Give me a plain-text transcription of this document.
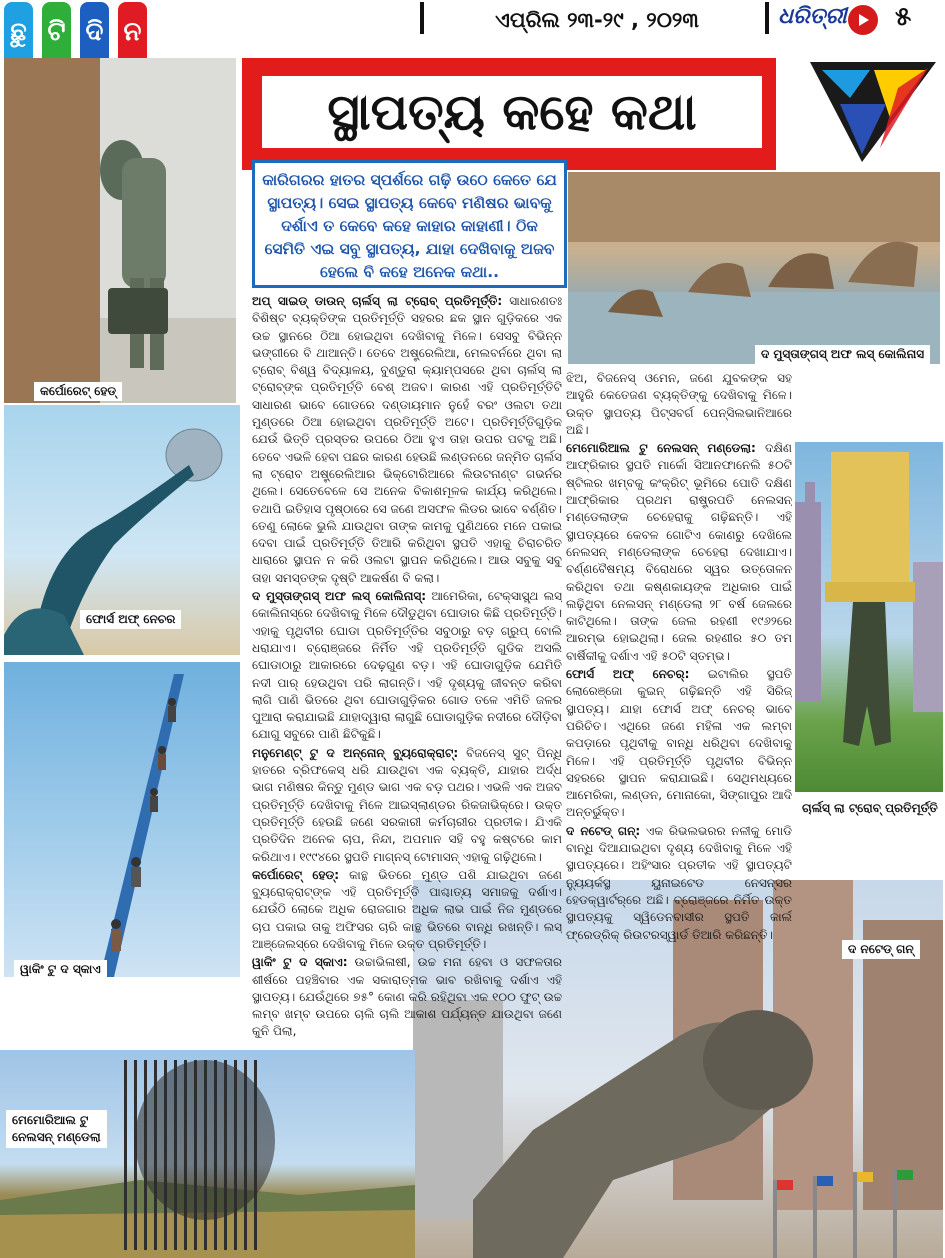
ଛୁ ଟି ଦି ନ	ଏପ୍ରିଲ ୨୩-୨୯ , ୨୦୨୩	ଧରିତ୍ରୀ ୫
ସ୍ଥାପତ୍ୟ କହେ କଥା
କାରିଗରର ହାତର ସ୍ପର୍ଶରେ ଗଢ଼ି ଉଠେ କେତେ ଯେ ସ୍ଥାପତ୍ୟ। ସେଇ ସ୍ଥାପତ୍ୟ କେବେ ମଣିଷର ଭାବକୁ ଦର୍ଶାଏ ତ କେବେ କହେ କାହାର କାହାଣୀ। ଠିକ ସେମିତି ଏଇ ସବୁ ସ୍ଥାପତ୍ୟ, ଯାହା ଦେଖିବାକୁ ଅଜବ ହେଲେ ବି କହେ ଅନେକ କଥା..
କର୍ପୋରେଟ୍ ହେଡ୍
ଫୋର୍ସ ଅଫ୍ ନେଚର
ୱାକିଂ ଟୁ ଦ ସ୍କାଏ
ଦ ମୁସ୍ତାଙ୍ଗସ୍ ଅଫ ଲସ୍ କୋଲିନାସ
ଚାର୍ଲସ୍ ଲା ଟ୍ରୋବ୍ ପ୍ରତିମୂର୍ତ୍ତି
ଦ ନଟେଡ୍ ଗନ୍
ମେମୋରିଆଲ ଟୁ
ନେଲସନ୍ ମଣ୍ଡେଲା

ଅପ୍ ସାଇଡ୍ ଡାଉନ୍ ଚାର୍ଲସ୍ ଲା ଟ୍ରୋବ୍ ପ୍ରତିମୂର୍ତ୍ତି: ସାଧାରଣତଃ ବିଶିଷ୍ଟ ବ୍ୟକ୍ତିଙ୍କ ପ୍ରତିମୂର୍ତ୍ତି ସହରର ଛକ ସ୍ଥାନ ଗୁଡ଼ିକରେ ଏକ ଉଚ୍ଚ ସ୍ଥାନରେ ଠିଆ ହୋଇଥିବା ଦେଖିବାକୁ ମିଳେ। ସେସବୁ ବିଭିନ୍ନ ଭଙ୍ଗୀରେ ବି ଥାଆନ୍ତି। ତେବେ ଅଷ୍ଟ୍ରେଲିଆ, ମେଲବର୍ନରେ ଥିବା ଲା ଟ୍ରୋବ୍ ବିଶ୍ୱ ବିଦ୍ୟାଳୟ, ବୁଣ୍ଡୁରା କ୍ୟାମ୍ପସରେ ଥିବା ଚାର୍ଲସ୍ ଲା ଟ୍ରୋବ୍‌ଙ୍କ ପ୍ରତିମୂର୍ତ୍ତି ବେଶ୍ ଅଜବ। କାରଣ ଏହି ପ୍ରତିମୂର୍ତ୍ତିଟି ସାଧାରଣ ଭାବେ ଗୋଡରେ ଦଣ୍ଡାୟମାନ ନୁହେଁ ବରଂ ଓଲଟା ତଥା ମୁଣ୍ଡରେ ଠିଆ ହୋଇଥିବା ପ୍ରତିମୂର୍ତ୍ତି ଅଟେ। ପ୍ରତିମୂର୍ତ୍ତିଗୁଡ଼ିକ ଯେଉଁ ଭିତ୍ତି ପ୍ରସ୍ତର ଉପରେ ଠିଆ ହୁଏ ତାହା ଉପର ପଟକୁ ଅଛି। ତେବେ ଏଭଳି ହେବା ପଛର କାରଣ ହେଉଛି ଲଣ୍ଡନରେ ଜନ୍ମିତ ଚାର୍ଲସ ଲା ଟ୍ରୋବ ଅଷ୍ଟ୍ରେଲିଆର ଭିକ୍ଟୋରିଆରେ ଲିଉଟନାଣ୍ଟ ଗଭର୍ନର ଥିଲେ। ସେତେବେଳେ ସେ ଅନେକ ବିକାଶମୂଳକ କାର୍ଯ୍ୟ କରିଥିଲେ। ତଥାପି ଇତିହାସ ପୃଷ୍ଠାରେ ସେ ଜଣେ ଅସଫଳ ଲିଡର ଭାବେ ବର୍ଣ୍ଣିତ। ତେଣୁ ଲୋକେ ଭୁଲି ଯାଉଥିବା ତାଙ୍କ କାମକୁ ପୁଣିଥରେ ମନେ ପକାଇ ଦେବା ପାଇଁ ପ୍ରତିମୂର୍ତ୍ତି ତିଆରି କରିଥିବା ସ୍ଥପତି ଏହାକୁ ଚିରାଚରିତ ଧାରାରେ ସ୍ଥାପନ ନ କରି ଓଲଟା ସ୍ଥାପନ କରିଥିଲେ। ଆଉ ସବୁକୁ ସବୁ ତାହା ସମସ୍ତଙ୍କ ଦୃଷ୍ଟି ଆକର୍ଷଣ ବି କଲା।

ଦ ମୁସ୍ତାଙ୍ଗସ୍ ଅଫ ଲସ୍ କୋଲିନାସ୍: ଆମେରିକା, ଟେକ୍ସାସ୍ସ୍ଥ ଲସ୍ କୋଲିନାସ୍‌ରେ ଦେଖିବାକୁ ମିଳେ ଦୌଡୁଥିବା ଘୋଡାର କିଛି ପ୍ରତିମୂର୍ତ୍ତି। ଏହାକୁ ପୃଥିବୀର ଘୋଡା ପ୍ରତିମୂର୍ତ୍ତିର ସବୁଠାରୁ ବଡ଼ ଗ୍ରୁପ୍ ବୋଲି ଧରାଯାଏ। ବ୍ରୋଞ୍ଜରେ ନିର୍ମିତ ଏହି ପ୍ରତିମୂର୍ତ୍ତି ଗୁଡିକ ଅସଲି ଘୋଡାଠାରୁ ଆକାରରେ ଦେଢ଼ଗୁଣ ବଡ଼। ଏହି ଘୋଡାଗୁଡ଼ିକ ଯେମିତି ନଦୀ ପାର୍ ହେଉଥିବା ପରି ଲାଗନ୍ତି। ଏହି ଦୃଶ୍ୟକୁ ଜୀବନ୍ତ କରିବା ଲାଗି ପାଣି ଭିତରେ ଥିବା ଘୋଡାଗୁଡ଼ିକର ଗୋଡ ତଳେ ଏମିତି ଜଳର ପୁଆରା କରାଯାଇଛି ଯାହାଦ୍ୱାରା ଲାଗୁଛି ଘୋଡାଗୁଡ଼ିକ ନଦୀରେ ଦୌଡ଼ିବା ଯୋଗୁ ସବୁରେ ପାଣି ଛିଟିକୁଛି।

ମନୁମେଣ୍ଟ୍ ଟୁ ଦ ଅନ୍‌ନୋନ୍ ବ୍ୟୁରୋକ୍ରାଟ୍: ବିଜନେସ୍ ସୁଟ୍ ପିନ୍ଧି ହାତରେ ବ୍ରିଫକେସ୍ ଧରି ଯାଉଥିବା ଏକ ବ୍ୟକ୍ତି, ଯାହାର ଅର୍ଦ୍ଧ ଭାଗ ମଣିଷର କିନ୍ତୁ ମୁଣ୍ଡ ଭାଗ ଏକ ବଡ଼ ପଥର। ଏଭଳି ଏକ ଅଜବ ପ୍ରତିମୂର୍ତ୍ତି ଦେଖିବାକୁ ମିଳେ ଆଇସ୍‌ଲାଣ୍ଡର ରିକଜାଭିକ୍‌ରେ। ଉକ୍ତ ପ୍ରତିମୂର୍ତ୍ତି ହେଉଛି ଜଣେ ସରକାରୀ କର୍ମଚାରୀର ପ୍ରତୀକ। ଯିଏକି ପ୍ରତିଦିନ ଅନେକ ଚାପ, ନିନ୍ଦା, ଅପମାନ ସହି ବହୁ କଷ୍ଟରେ କାମ କରିଥାଏ। ୧୯୯୪ରେ ସ୍ଥପତି ମାଗ୍ନସ୍ ଟୋମାସନ୍ ଏହାକୁ ଗଢ଼ିଥିଲେ।

କର୍ପୋରେଟ୍ ହେଡ୍: କାନ୍ଥ ଭିତରେ ମୁଣ୍ଡ ପଶି ଯାଇଥିବା ଜଣେ ବ୍ୟୁରୋକ୍ରାଟ୍‌ଙ୍କ ଏହି ପ୍ରତିମୂର୍ତ୍ତି ପାଶ୍ଚାତ୍ୟ ସମାଜକୁ ଦର୍ଶାଏ। ଯେଉଁଠି ଲୋକେ ଅଧିକ ରୋଜଗାର ଅଧିକ ଲାଭ ପାଇଁ ନିଜ ମୁଣ୍ଡରେ ଚାପ ପକାଇ ତାକୁ ଅଫିସର ଚାରି କାନ୍ଥ ଭିତରେ ବାନ୍ଧି ରଖନ୍ତି। ଲସ୍ ଆଞ୍ଜେଲସ୍‌ରେ ଦେଖିବାକୁ ମିଳେ ଉକ୍ତ ପ୍ରତିମୂର୍ତ୍ତି।

ୱାକିଂ ଟୁ ଦ ସ୍କାଏ: ଉଚ୍ଚାଭିଳାଷୀ, ଉଚ୍ଚ ମନା ହେବା ଓ ସଫଳତାର ଶୀର୍ଷରେ ପହଞ୍ଚିବାର ଏକ ସକାରାତ୍ମକ ଭାବ ରଖିବାକୁ ଦର୍ଶାଏ ଏହି ସ୍ଥାପତ୍ୟ। ଯେଉଁଥିରେ ୭୫° କୋଣ କରି ରହିଥିବା ଏକ ୧୦୦ ଫୁଟ୍ ଉଚ୍ଚ ଲମ୍ବ ଖମ୍ବ ଉପରେ ଚାଲି ଚାଲି ଆକାଶ ପର୍ଯ୍ୟନ୍ତ ଯାଉଥିବା ଜଣେ କୁନି ପିଲା,

ଝିଅ, ବିଜନେସ୍ ଓମେନ, ଜଣେ ଯୁବକଙ୍କ ସହ ଆହୁରି କେତେଜଣ ବ୍ୟକ୍ତିଙ୍କୁ ଦେଖିବାକୁ ମିଳେ। ଉକ୍ତ ସ୍ଥାପତ୍ୟ ପିଟ୍ସବର୍ଗ ପେନ୍‌ସିଲଭାନିଆରେ ଅଛି।

ମେମୋରିଆଲ ଟୁ ନେଲସନ୍ ମଣ୍ଡେଲା: ଦକ୍ଷିଣ ଆଫ୍ରିକାର ସ୍ଥପତି ମାର୍କୋ ସିଆନଫାନେଲି ୫୦ଟି ଷ୍ଟିଲର ଖମ୍ବକୁ କଂକ୍ରିଟ୍ ଭୂମିରେ ପୋତି ଦକ୍ଷିଣ ଆଫ୍ରିକାର ପ୍ରଥମ ରାଷ୍ଟ୍ରପତି ନେଲସନ୍ ମଣ୍ଡେଲାଙ୍କ ଚେହେରାକୁ ଗଢ଼ିଛନ୍ତି। ଏହି ସ୍ଥାପତ୍ୟରେ କେବଳ ଗୋଟିଏ କୋଣରୁ ଦେଖିଲେ ନେଲସନ୍ ମଣ୍ଡେଲାଙ୍କ ଚେହେରା ଦେଖାଯାଏ। ବର୍ଣ୍ଣବୈଷମ୍ୟ ବିରୋଧରେ ସ୍ୱର ଉତ୍ତୋଳନ କରିଥିବା ତଥା କଷ୍ଣକାୟଙ୍କ ଅଧିକାର ପାଇଁ ଲଢ଼ିଥିବା ନେଲସନ୍ ମଣ୍ଡେଲା ୨୮ ବର୍ଷ ଜେଲରେ କାଟିଥିଲେ। ତାଙ୍କ ଜେଲ ରହଣୀ ୧୯୬୨ରେ ଆରମ୍ଭ ହୋଇଥିଲା। ଜେଲ ରହଣୀର ୫୦ ତମ ବାର୍ଷିକୀକୁ ଦର୍ଶାଏ ଏହି ୫୦ଟି ସ୍ତମ୍ଭ।

ଫୋର୍ସ ଅଫ୍ ନେଚର୍: ଇଟାଲିର ସ୍ଥପତି ଲୋରେଞ୍ଜୋ କୁଇନ୍ ଗଢ଼ିଛନ୍ତି ଏହି ସିରିଜ୍ ସ୍ଥାପତ୍ୟ। ଯାହା ଫୋର୍ସ ଅଫ୍ ନେଚର୍ ଭାବେ ପରିଚିତ। ଏଥିରେ ଜଣେ ମହିଳା ଏକ ଲମ୍ବା କପଡ଼ାରେ ପୃଥିବୀକୁ ବାନ୍ଧି ଧରିଥିବା ଦେଖିବାକୁ ମିଳେ। ଏହି ପ୍ରତିମୂର୍ତ୍ତି ପୃଥିବୀର ବିଭିନ୍ନ ସହରରେ ସ୍ଥାପନ କରାଯାଇଛି। ସେଥିମଧ୍ୟରେ ଆମେରିକା, ଲଣ୍ଡନ, ମୋନାକୋ, ସିଙ୍ଗାପୁର ଆଦି ଅନ୍ତର୍ଭୁକ୍ତ।

ଦ ନଟେଡ୍ ଗନ୍: ଏକ ରିଭଲଭରର ନଳୀକୁ ମୋଡି ବାନ୍ଧି ଦିଆଯାଇଥିବା ଦୃଶ୍ୟ ଦେଖିବାକୁ ମିଳେ ଏହି ସ୍ଥାପତ୍ୟରେ। ଅହିଂସାର ପ୍ରତୀକ ଏହି ସ୍ଥାପତ୍ୟଟି ନ୍ୟୁୟର୍କସ୍ଥ ୟୁନାଇଟେଡ ନେସନ୍ସର ହେଡକ୍ୱାର୍ଟର୍‌ରେ ଅଛି। ବ୍ରୋଞ୍ଜରେ ନିର୍ମିତ ଉକ୍ତ ସ୍ଥାପତ୍ୟକୁ ସ୍ୱିଡେନବାସୀର ସ୍ଥପତି କାର୍ଲ ଫ୍ରେଡ୍ରିକ୍ ରିଉଟରସ୍ୱାର୍ଡ ତିଆରି କରିଛନ୍ତି।
